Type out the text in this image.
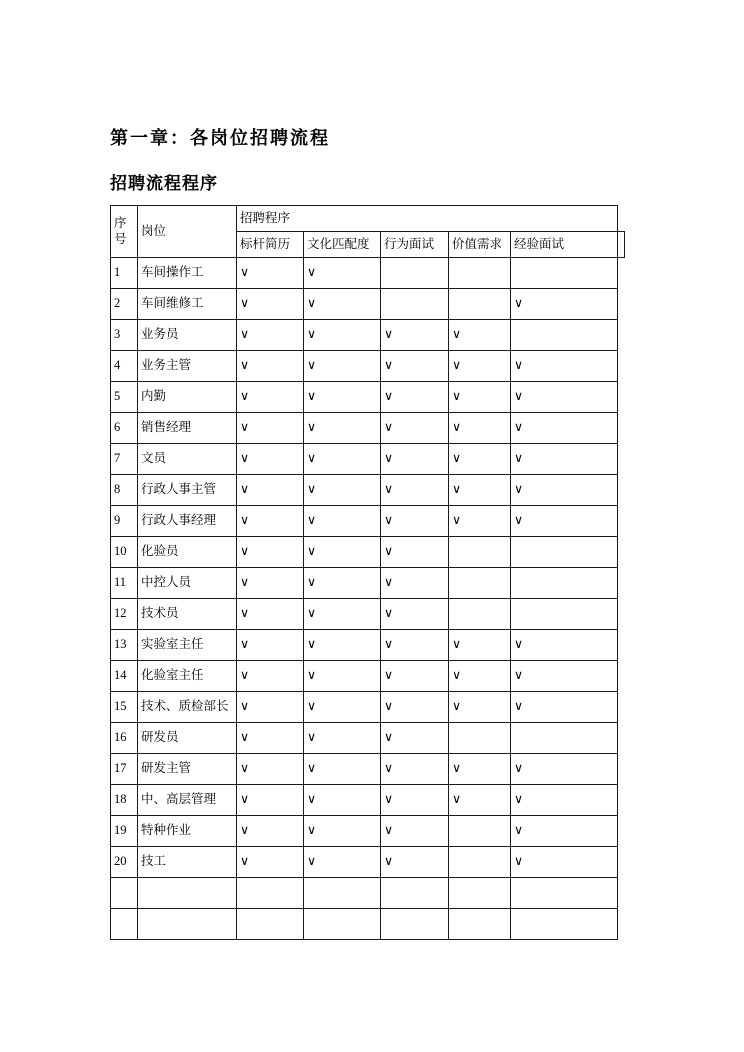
第一章：各岗位招聘流程
招聘流程程序
序号	岗位	招聘程序				
		标杆简历	文化匹配度	行为面试	价值需求	经验面试
1	车间操作工	∨	∨			
2	车间维修工	∨	∨			∨
3	业务员	∨	∨	∨	∨	
4	业务主管	∨	∨	∨	∨	∨
5	内勤	∨	∨	∨	∨	∨
6	销售经理	∨	∨	∨	∨	∨
7	文员	∨	∨	∨	∨	∨
8	行政人事主管	∨	∨	∨	∨	∨
9	行政人事经理	∨	∨	∨	∨	∨
10	化验员	∨	∨	∨		
11	中控人员	∨	∨	∨		
12	技术员	∨	∨	∨		
13	实验室主任	∨	∨	∨	∨	∨
14	化验室主任	∨	∨	∨	∨	∨
15	技术、质检部长	∨	∨	∨	∨	∨
16	研发员	∨	∨	∨		
17	研发主管	∨	∨	∨	∨	∨
18	中、高层管理	∨	∨	∨	∨	∨
19	特种作业	∨	∨	∨		∨
20	技工	∨	∨	∨		∨
